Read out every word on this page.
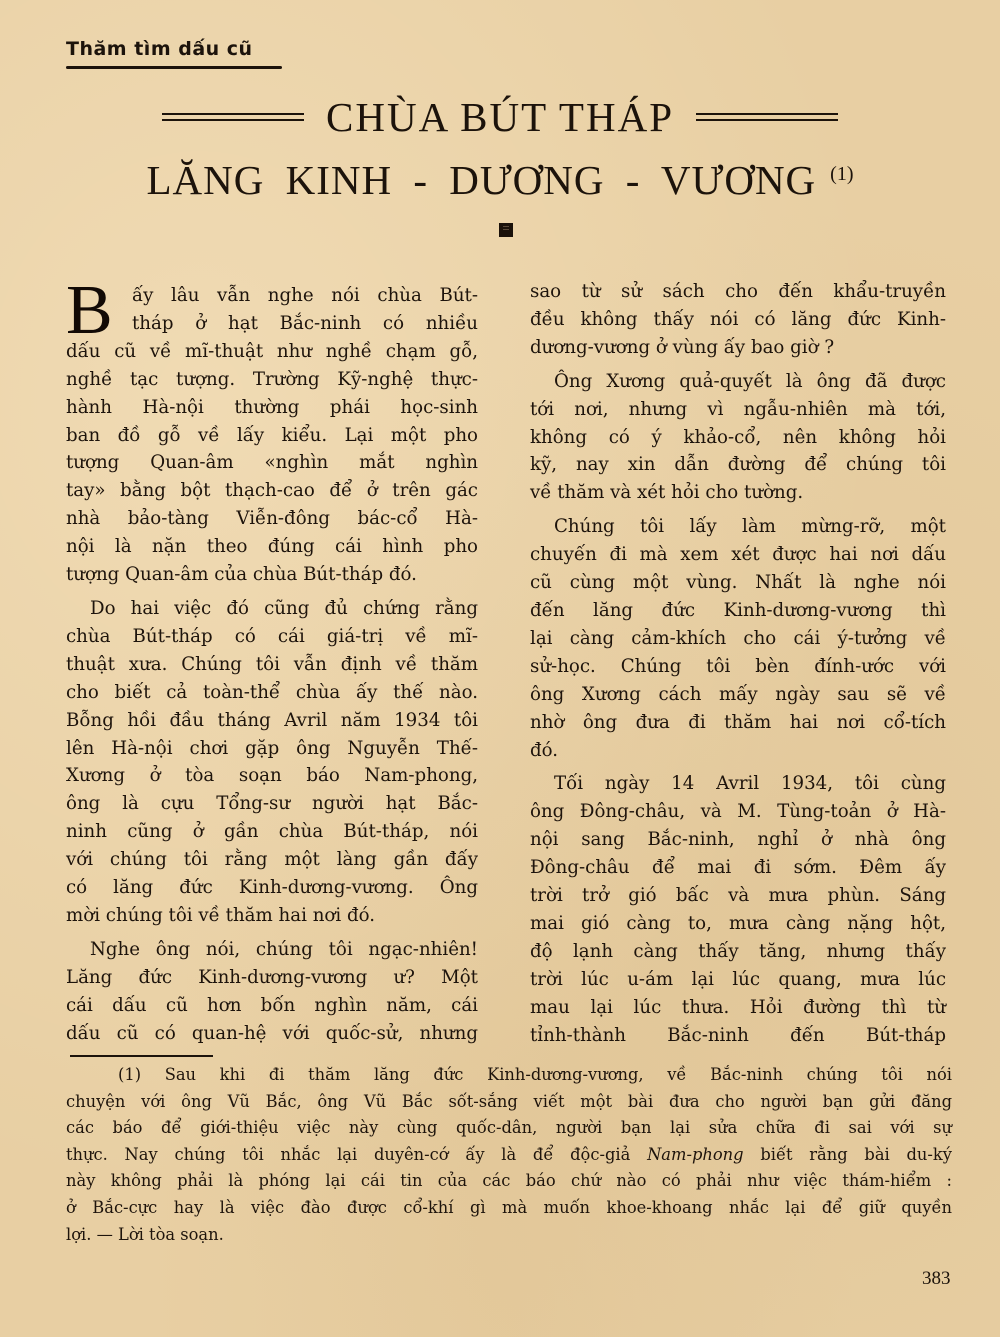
Thăm tìm dấu cũ
CHÙA BÚT THÁP
LĂNG KINH - DƯƠNG - VƯƠNG (1)
B	ấy lâu vẫn nghe nói chùa Bút-
tháp ở hạt Bắc-ninh có nhiều
dấu cũ về mĩ-thuật như nghề chạm gỗ,
nghề tạc tượng. Trường Kỹ-nghệ thực-
hành Hà-nội thường phái học-sinh
ban đồ gỗ về lấy kiểu. Lại một pho
tượng Quan-âm «nghìn mắt nghìn
tay» bằng bột thạch-cao để ở trên gác
nhà bảo-tàng Viễn-đông bác-cổ Hà-
nội là nặn theo đúng cái hình pho
tượng Quan-âm của chùa Bút-tháp đó.
Do hai việc đó cũng đủ chứng rằng
chùa Bút-tháp có cái giá-trị về mĩ-
thuật xưa. Chúng tôi vẫn định về thăm
cho biết cả toàn-thể chùa ấy thế nào.
Bỗng hồi đầu tháng Avril năm 1934 tôi
lên Hà-nội chơi gặp ông Nguyễn Thế-
Xương ở tòa soạn báo Nam-phong,
ông là cựu Tổng-sư người hạt Bắc-
ninh cũng ở gần chùa Bút-tháp, nói
với chúng tôi rằng một làng gần đấy
có lăng đức Kinh-dương-vương. Ông
mời chúng tôi về thăm hai nơi đó.
Nghe ông nói, chúng tôi ngạc-nhiên!
Lăng đức Kinh-dương-vương ư? Một
cái dấu cũ hơn bốn nghìn năm, cái
dấu cũ có quan-hệ với quốc-sử, nhưng
sao từ sử sách cho đến khẩu-truyền
đều không thấy nói có lăng đức Kinh-
dương-vương ở vùng ấy bao giờ ?
Ông Xương quả-quyết là ông đã được
tới nơi, nhưng vì ngẫu-nhiên mà tới,
không có ý khảo-cổ, nên không hỏi
kỹ, nay xin dẫn đường để chúng tôi
về thăm và xét hỏi cho tường.
Chúng tôi lấy làm mừng-rỡ, một
chuyến đi mà xem xét được hai nơi dấu
cũ cùng một vùng. Nhất là nghe nói
đến lăng đức Kinh-dương-vương thì
lại càng cảm-khích cho cái ý-tưởng về
sử-học. Chúng tôi bèn đính-ước với
ông Xương cách mấy ngày sau sẽ về
nhờ ông đưa đi thăm hai nơi cổ-tích
đó.
Tối ngày 14 Avril 1934, tôi cùng
ông Đông-châu, và M. Tùng-toản ở Hà-
nội sang Bắc-ninh, nghỉ ở nhà ông
Đông-châu để mai đi sớm. Đêm ấy
trời trở gió bấc và mưa phùn. Sáng
mai gió càng to, mưa càng nặng hột,
độ lạnh càng thấy tăng, nhưng thấy
trời lúc u-ám lại lúc quang, mưa lúc
mau lại lúc thưa. Hỏi đường thì từ
tỉnh-thành Bắc-ninh đến Bút-tháp
(1) Sau khi đi thăm lăng đức Kinh-dương-vương, về Bắc-ninh chúng tôi nói
chuyện với ông Vũ Bắc, ông Vũ Bắc sốt-sắng viết một bài đưa cho người bạn gửi đăng
các báo để giới-thiệu việc này cùng quốc-dân, người bạn lại sửa chữa đi sai với sự
thực. Nay chúng tôi nhắc lại duyên-cớ ấy là để độc-giả Nam-phong biết rằng bài du-ký
này không phải là phóng lại cái tin của các báo chứ nào có phải như việc thám-hiểm :
ở Bắc-cực hay là việc đào được cổ-khí gì mà muốn khoe-khoang nhắc lại để giữ quyền
lợi. — Lời tòa soạn.
383
